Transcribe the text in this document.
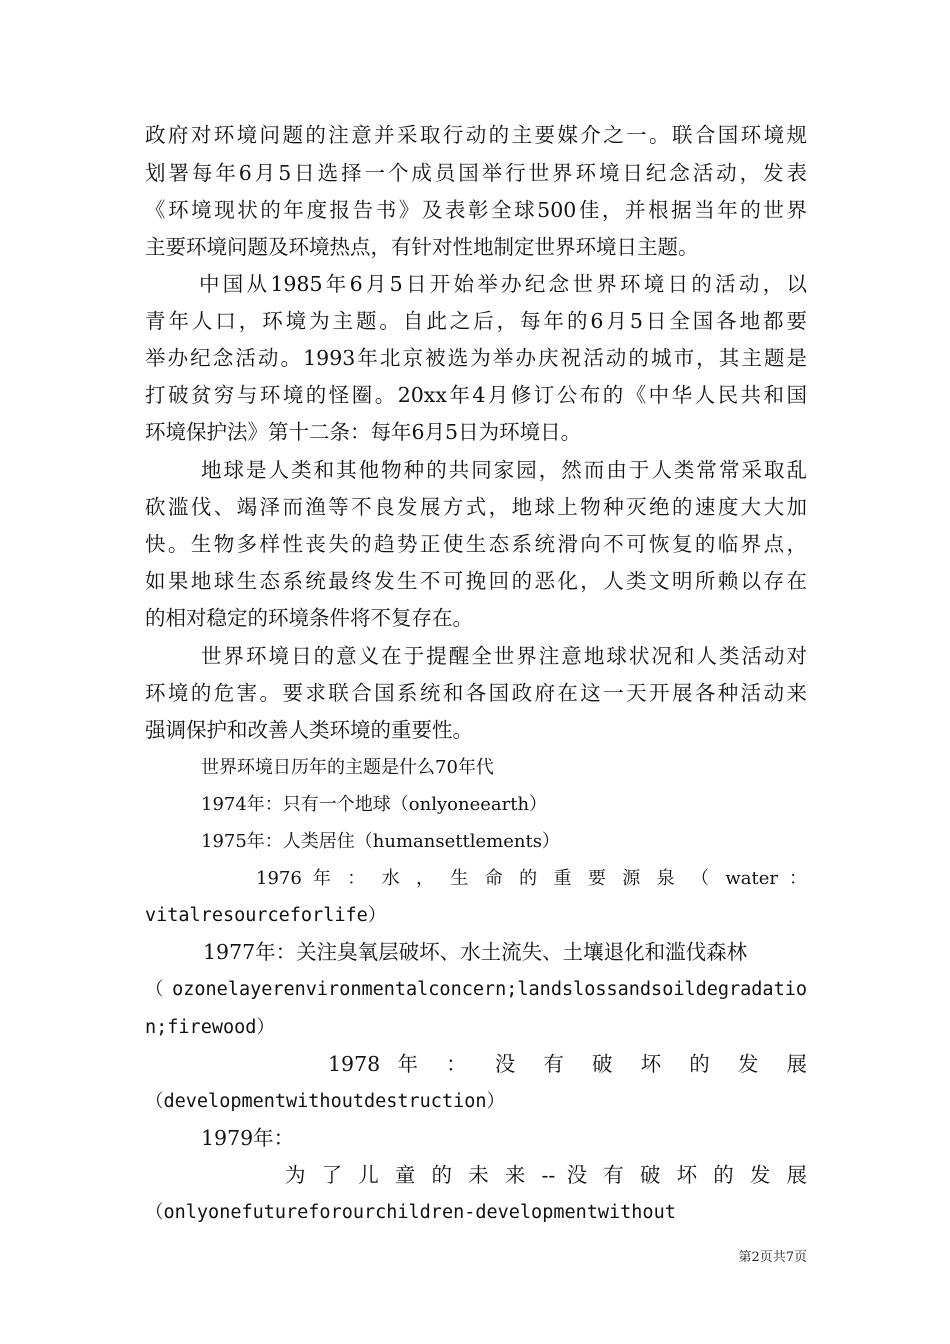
政府对环境问题的注意并采取行动的主要媒介之一。联合国环境规
划署每年6月5日选择一个成员国举行世界环境日纪念活动，发表
《环境现状的年度报告书》及表彰全球500佳，并根据当年的世界
主要环境问题及环境热点，有针对性地制定世界环境日主题。
中国从1985年6月5日开始举办纪念世界环境日的活动，以
青年人口，环境为主题。自此之后，每年的6月5日全国各地都要
举办纪念活动。1993年北京被选为举办庆祝活动的城市，其主题是
打破贫穷与环境的怪圈。20xx年4月修订公布的《中华人民共和国
环境保护法》第十二条：每年6月5日为环境日。
地球是人类和其他物种的共同家园，然而由于人类常常采取乱
砍滥伐、竭泽而渔等不良发展方式，地球上物种灭绝的速度大大加
快。生物多样性丧失的趋势正使生态系统滑向不可恢复的临界点，
如果地球生态系统最终发生不可挽回的恶化，人类文明所赖以存在
的相对稳定的环境条件将不复存在。
世界环境日的意义在于提醒全世界注意地球状况和人类活动对
环境的危害。要求联合国系统和各国政府在这一天开展各种活动来
强调保护和改善人类环境的重要性。
世界环境日历年的主题是什么70年代
1974年：只有一个地球（onlyoneearth）
1975年：人类居住（humansettlements）
1976 年 ： 水 ， 生 命 的 重 要 源 泉 （ water ：
vitalresourceforlife）
1977年：关注臭氧层破坏、水土流失、土壤退化和滥伐森林
（ozonelayerenvironmentalconcern;landslossandsoildegradatio
n;firewood）
1978 年 ： 没 有 破 坏 的 发 展
（developmentwithoutdestruction）
1979年：
为 了 儿 童 的 未 来 -- 没 有 破 坏 的 发 展
（onlyonefutureforourchildren-developmentwithout
第2页共7页
